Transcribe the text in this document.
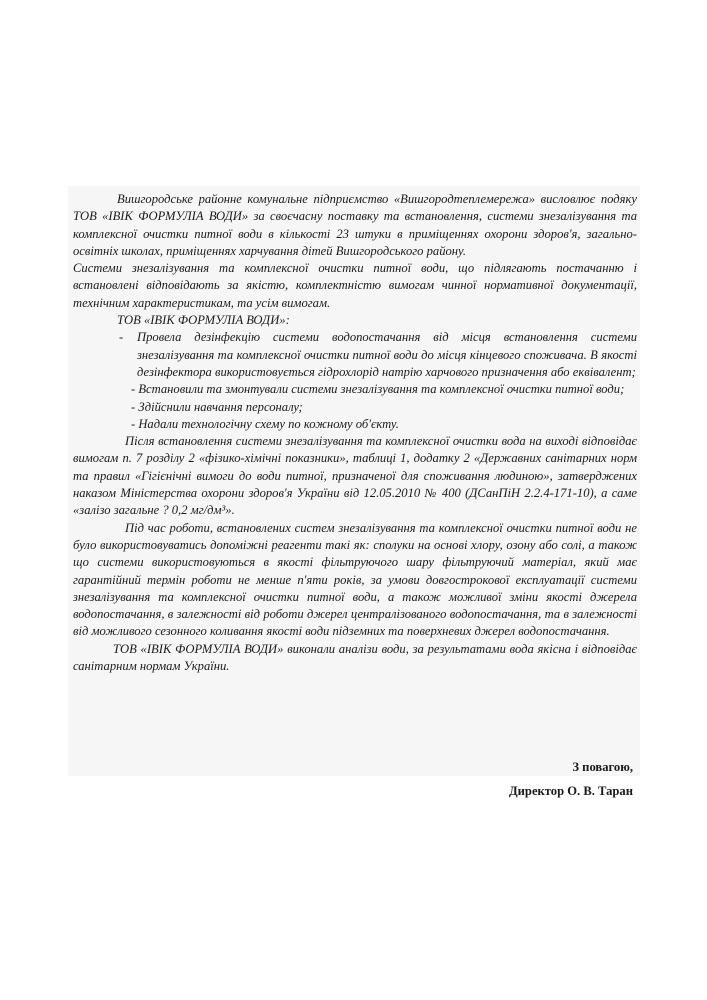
Вишгородське районне комунальне підприємство «Вишгородтеплемережа» висловлює подяку ТОВ «ІВІК ФОРМУЛІА ВОДИ» за своєчасну поставку та встановлення, системи знезалізування та комплексної очистки питної води в кількості 23 штуки в приміщеннях охорони здоров'я, загально-освітніх школах, приміщеннях харчування дітей Вишгородського району.

Системи знезалізування та комплексної очистки питної води, що підлягають постачанню і встановлені відповідають за якістю, комплектністю вимогам чинної нормативної документації, технічним характеристикам, та усім вимогам.

ТОВ «ІВІК ФОРМУЛІА ВОДИ»:

- Провела дезінфекцію системи водопостачання від місця встановлення системи знезалізування та комплексної очистки питної води до місця кінцевого споживача. В якості дезінфектора використовується гідрохлорід натрію харчового призначення або еквівалент;
- Встановили та змонтували системи знезалізування та комплексної очистки питної води;
- Здійснили навчання персоналу;
- Надали технологічну схему по кожному об'єкту.

Після встановлення системи знезалізування та комплексної очистки вода на виході відповідає вимогам п. 7 розділу 2 «фізико-хімічні показники», таблиці 1, додатку 2 «Державних санітарних норм та правил «Гігієнічні вимоги до води питної, призначеної для споживання людиною», затверджених наказом Міністерства охорони здоров'я України від 12.05.2010 № 400 (ДСанПіН 2.2.4-171-10), а саме «залізо загальне ? 0,2 мг/дм³».

Під час роботи, встановлених систем знезалізування та комплексної очистки питної води не було використовуватись допоміжні реагенти такі як: сполуки на основі хлору, озону або солі, а також що системи використовуються в якості фільтруючого шару фільтруючий матеріал, який має гарантійний термін роботи не менше п'яти років, за умови довгострокової експлуатації системи знезалізування та комплексної очистки питної води, а також можливої зміни якості джерела водопостачання, в залежності від роботи джерел централізованого водопостачання, та в залежності від можливого сезонного коливання якості води підземних та поверхневих джерел водопостачання.

ТОВ «ІВІК ФОРМУЛІА ВОДИ» виконали аналізи води, за результатами вода якісна і відповідає санітарним нормам України.

З повагою,
Директор О. В. Таран
